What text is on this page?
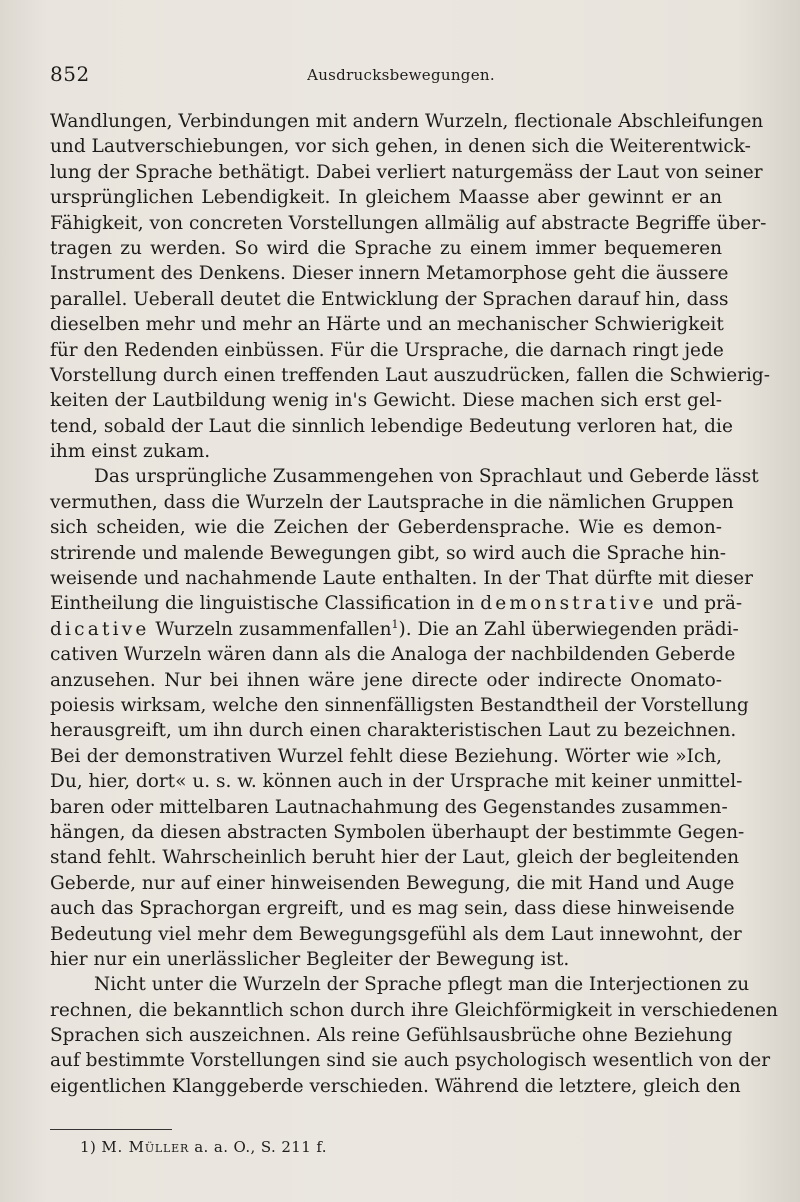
852	Ausdrucksbewegungen.
Wandlungen, Verbindungen mit andern Wurzeln, flectionale Abschleifungen
und Lautverschiebungen, vor sich gehen, in denen sich die Weiterentwick-
lung der Sprache bethätigt. Dabei verliert naturgemäss der Laut von seiner
ursprünglichen Lebendigkeit. In gleichem Maasse aber gewinnt er an
Fähigkeit, von concreten Vorstellungen allmälig auf abstracte Begriffe über-
tragen zu werden. So wird die Sprache zu einem immer bequemeren
Instrument des Denkens. Dieser innern Metamorphose geht die äussere
parallel. Ueberall deutet die Entwicklung der Sprachen darauf hin, dass
dieselben mehr und mehr an Härte und an mechanischer Schwierigkeit
für den Redenden einbüssen. Für die Ursprache, die darnach ringt jede
Vorstellung durch einen treffenden Laut auszudrücken, fallen die Schwierig-
keiten der Lautbildung wenig in's Gewicht. Diese machen sich erst gel-
tend, sobald der Laut die sinnlich lebendige Bedeutung verloren hat, die
ihm einst zukam.
Das ursprüngliche Zusammengehen von Sprachlaut und Geberde lässt
vermuthen, dass die Wurzeln der Lautsprache in die nämlichen Gruppen
sich scheiden, wie die Zeichen der Geberdensprache. Wie es demon-
strirende und malende Bewegungen gibt, so wird auch die Sprache hin-
weisende und nachahmende Laute enthalten. In der That dürfte mit dieser
Eintheilung die linguistische Classification in demonstrative und prä-
dicative Wurzeln zusammenfallen$^1$). Die an Zahl überwiegenden prädi-
cativen Wurzeln wären dann als die Analoga der nachbildenden Geberde
anzusehen. Nur bei ihnen wäre jene directe oder indirecte Onomato-
poiesis wirksam, welche den sinnenfälligsten Bestandtheil der Vorstellung
herausgreift, um ihn durch einen charakteristischen Laut zu bezeichnen.
Bei der demonstrativen Wurzel fehlt diese Beziehung. Wörter wie »Ich,
Du, hier, dort« u. s. w. können auch in der Ursprache mit keiner unmittel-
baren oder mittelbaren Lautnachahmung des Gegenstandes zusammen-
hängen, da diesen abstracten Symbolen überhaupt der bestimmte Gegen-
stand fehlt. Wahrscheinlich beruht hier der Laut, gleich der begleitenden
Geberde, nur auf einer hinweisenden Bewegung, die mit Hand und Auge
auch das Sprachorgan ergreift, und es mag sein, dass diese hinweisende
Bedeutung viel mehr dem Bewegungsgefühl als dem Laut innewohnt, der
hier nur ein unerlässlicher Begleiter der Bewegung ist.
Nicht unter die Wurzeln der Sprache pflegt man die Interjectionen zu
rechnen, die bekanntlich schon durch ihre Gleichförmigkeit in verschiedenen
Sprachen sich auszeichnen. Als reine Gefühlsausbrüche ohne Beziehung
auf bestimmte Vorstellungen sind sie auch psychologisch wesentlich von der
eigentlichen Klanggeberde verschieden. Während die letztere, gleich den
1) M. Müller a. a. O., S. 211 f.
